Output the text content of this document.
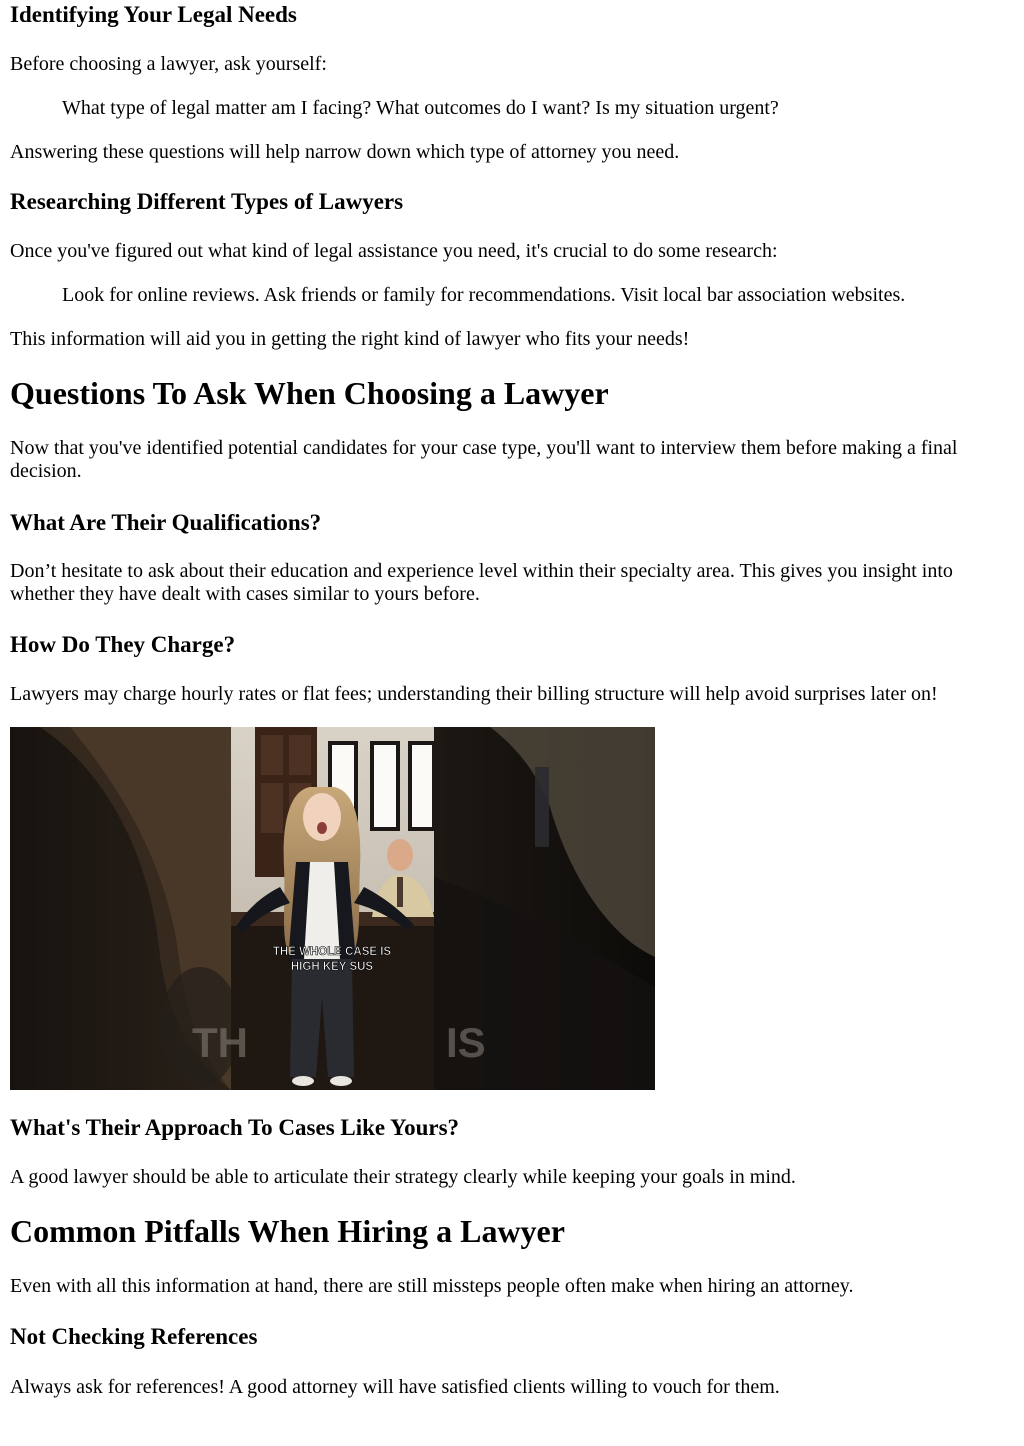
Identifying Your Legal Needs

Before choosing a lawyer, ask yourself:

What type of legal matter am I facing? What outcomes do I want? Is my situation urgent?

Answering these questions will help narrow down which type of attorney you need.

Researching Different Types of Lawyers

Once you've figured out what kind of legal assistance you need, it's crucial to do some research:

Look for online reviews. Ask friends or family for recommendations. Visit local bar association websites.

This information will aid you in getting the right kind of lawyer who fits your needs!

Questions To Ask When Choosing a Lawyer

Now that you've identified potential candidates for your case type, you'll want to interview them before making a final decision.

What Are Their Qualifications?

Don’t hesitate to ask about their education and experience level within their specialty area. This gives you insight into whether they have dealt with cases similar to yours before.

How Do They Charge?

Lawyers may charge hourly rates or flat fees; understanding their billing structure will help avoid surprises later on!

THE WHOLE CASE IS
HIGH KEY SUS
TH	IS
What's Their Approach To Cases Like Yours?

A good lawyer should be able to articulate their strategy clearly while keeping your goals in mind.

Common Pitfalls When Hiring a Lawyer

Even with all this information at hand, there are still missteps people often make when hiring an attorney.

Not Checking References

Always ask for references! A good attorney will have satisfied clients willing to vouch for them.
